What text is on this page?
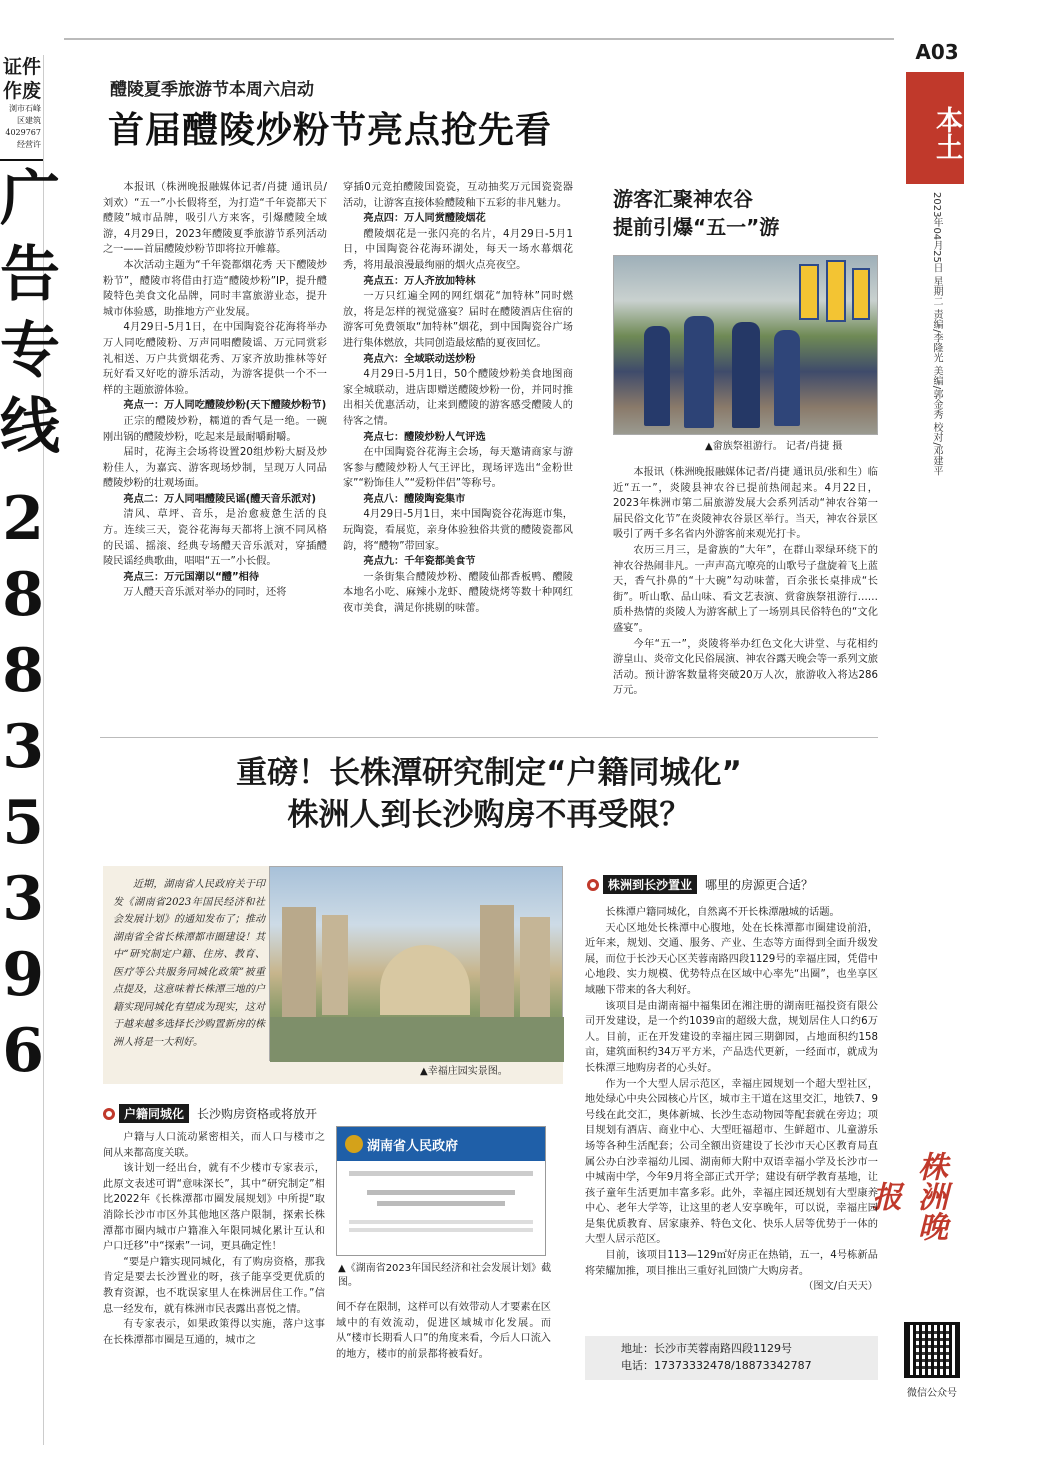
证件
作废
浏市石峰
区建筑
4029767
经营许
广
告
专
线
2
8
8
3
5
3
9
6
A03
本土
2023年04月25日 星期二 责编/李隆光 美编/郭金秀 校对/邓建平
株洲晚报
微信公众号
醴陵夏季旅游节本周六启动
首届醴陵炒粉节亮点抢先看

本报讯（株洲晚报融媒体记者/肖捷 通讯员/刘欢）“五一”小长假将至，为打造“千年瓷都天下醴陵”城市品牌，吸引八方来客，引爆醴陵全域游，4月29日，2023年醴陵夏季旅游节系列活动之一——首届醴陵炒粉节即将拉开帷幕。

本次活动主题为“千年瓷都烟花秀 天下醴陵炒粉节”，醴陵市将借由打造“醴陵炒粉”IP，提升醴陵特色美食文化品牌，同时丰富旅游业态，提升城市体验感，助推地方产业发展。

4月29日-5月1日，在中国陶瓷谷花海将举办万人同吃醴陵粉、万声同唱醴陵谣、万元同赏彩礼相送、万户共赏烟花秀、万家齐放助推林等好玩好看又好吃的游乐活动，为游客提供一个不一样的主题旅游体验。

亮点一：万人同吃醴陵炒粉(天下醴陵炒粉节)

正宗的醴陵炒粉，糯道的香气是一绝。一碗刚出锅的醴陵炒粉，吃起来是最耐嚼耐嚼。

届时，花海主会场将设置20组炒粉大厨及炒粉佳人，为嘉宾、游客现场炒制，呈现万人同品醴陵炒粉的壮观场面。

亮点二：万人同唱醴陵民谣(醴天音乐派对)

清风、草坪、音乐，是治愈疲惫生活的良方。连续三天，瓷谷花海每天都将上演不同风格的民谣、摇滚、经典专场醴天音乐派对，穿插醴陵民谣经典歌曲，唱唱“五一”小长假。

亮点三：万元国潮以“醴”相待

万人醴天音乐派对举办的同时，还将

穿插0元竞拍醴陵国瓷瓷，互动抽奖万元国瓷瓷器活动，让游客直接体验醴陵釉下五彩的非凡魅力。

亮点四：万人同赏醴陵烟花

醴陵烟花是一张闪亮的名片，4月29日-5月1日，中国陶瓷谷花海环湖处，每天一场水幕烟花秀，将用最浪漫最绚丽的烟火点亮夜空。

亮点五：万人齐放加特林

一万只红遍全网的网红烟花“加特林”同时燃放，将是怎样的视觉盛宴？届时在醴陵酒店住宿的游客可免费领取“加特林”烟花，到中国陶瓷谷广场进行集体燃放，共同创造最炫酷的夏夜回忆。

亮点六：全域联动送炒粉

4月29日-5月1日，50个醴陵炒粉美食地图商家全城联动，进店即赠送醴陵炒粉一份，并同时推出相关优惠活动，让来到醴陵的游客感受醴陵人的待客之情。

亮点七：醴陵炒粉人气评选

在中国陶瓷谷花海主会场，每天邀请商家与游客参与醴陵炒粉人气王评比，现场评选出“金粉世家”“粉饰佳人”“爱粉伴侣”等称号。

亮点八：醴陵陶瓷集市

4月29日-5月1日，来中国陶瓷谷花海逛市集，玩陶瓷，看展览，亲身体验独俗共赏的醴陵瓷都风韵，将“醴物”带回家。

亮点九：千年瓷都美食节

一条街集合醴陵炒粉、醴陵仙都香板鸭、醴陵本地名小吃、麻辣小龙虾、醴陵烧烤等数十种网红夜市美食，满足你挑剔的味蕾。

游客汇聚神农谷
提前引爆“五一”游
▲畲族祭祖游行。 记者/肖捷 摄

本报讯（株洲晚报融媒体记者/肖捷 通讯员/张和生）临近“五一”，炎陵县神农谷已提前热闹起来。4月22日，2023年株洲市第二届旅游发展大会系列活动“神农谷第一届民俗文化节”在炎陵神农谷景区举行。当天，神农谷景区吸引了两千多名省内外游客前来观光打卡。

农历三月三，是畲族的“大年”，在群山翠绿环绕下的神农谷热闹非凡。一声声高亢嘹亮的山歌号子盘旋着飞上蓝天，香气扑鼻的“十大碗”勾动味蕾，百余张长桌排成“长街”。听山歌、品山味、看文艺表演、赏畲族祭祖游行……质朴热情的炎陵人为游客献上了一场别具民俗特色的“文化盛宴”。

今年“五一”，炎陵将举办红色文化大讲堂、与花相约游皇山、炎帝文化民俗展演、神农谷露天晚会等一系列文旅活动。预计游客数量将突破20万人次，旅游收入将达286万元。

重磅！长株潭研究制定“户籍同城化”
株洲人到长沙购房不再受限？
近期，湖南省人民政府关于印发《湖南省2023年国民经济和社会发展计划》的通知发布了；推动湖南省全省长株潭都市圈建设！其中“研究制定户籍、住房、教育、医疗等公共服务同城化政策”被重点提及，这意味着长株潭三地的户籍实现同城化有望成为现实，这对于越来越多选择长沙购置新房的株洲人将是一大利好。
▲幸福庄园实景图。
户籍同城化	长沙购房资格或将放开

户籍与人口流动紧密相关，而人口与楼市之间从来都高度关联。

该计划一经出台，就有不少楼市专家表示，此原文表述可谓“意味深长”，其中“研究制定”相比2022年《长株潭都市圈发展规划》中所提“取消除长沙市市区外其他地区落户限制，探索长株潭都市圈内城市户籍准入年限同城化累计互认和户口迁移”中“探索”一词，更具确定性！

“要是户籍实现同城化，有了购房资格，那我肯定是要去长沙置业的呀，孩子能享受更优质的教育资源，也不耽误家里人在株洲居住工作。”信息一经发布，就有株洲市民表露出喜悦之情。

有专家表示，如果政策得以实施，落户这事在长株潭都市圈是互通的，城市之

湖南省人民政府
▲《湖南省2023年国民经济和社会发展计划》截图。

间不存在限制，这样可以有效带动人才要素在区域中的有效流动，促进区域城市化发展。而从“楼市长期看人口”的角度来看，今后人口流入的地方，楼市的前景都将被看好。

株洲到长沙置业	哪里的房源更合适？

长株潭户籍同城化，自然离不开长株潭融城的话题。

天心区地处长株潭中心腹地，处在长株潭都市圈建设前沿，近年来，规划、交通、服务、产业、生态等方面得到全面升级发展，而位于长沙天心区芙蓉南路四段1129号的幸福庄园，凭借中心地段、实力规模、优势特点在区域中心率先“出圈”，也坐享区域融下带来的各大利好。

该项目是由湖南福中福集团在湘注册的湖南旺福投资有限公司开发建设，是一个约1039亩的超级大盘，规划居住人口约6万人。目前，正在开发建设的幸福庄园三期御园，占地面积约158亩，建筑面积约34万平方米，产品迭代更新，一经面市，就成为长株潭三地购房者的心头好。

作为一个大型人居示范区，幸福庄园规划一个超大型社区，地处绿心中央公园核心片区，城市主干道在这里交汇，地铁7、9号线在此交汇，奥体新城、长沙生态动物园等配套就在旁边；项目规划有酒店、商业中心、大型旺福超市、生鲜超市、儿童游乐场等各种生活配套；公司全额出资建设了长沙市天心区教育局直属公办白沙幸福幼儿园、湖南师大附中双语幸福小学及长沙市一中城南中学，今年9月将全部正式开学；建设有研学教育基地，让孩子童年生活更加丰富多彩。此外，幸福庄园还规划有大型康养中心、老年大学等，让这里的老人安享晚年，可以说，幸福庄园是集优质教育、居家康养、特色文化、快乐人居等优势于一体的大型人居示范区。

目前，该项目113—129㎡好房正在热销，五一，4号栋新品将荣耀加推，项目推出三重好礼回馈广大购房者。

（图文/白天天）

地址：长沙市芙蓉南路四段1129号
电话：17373332478/18873342787
